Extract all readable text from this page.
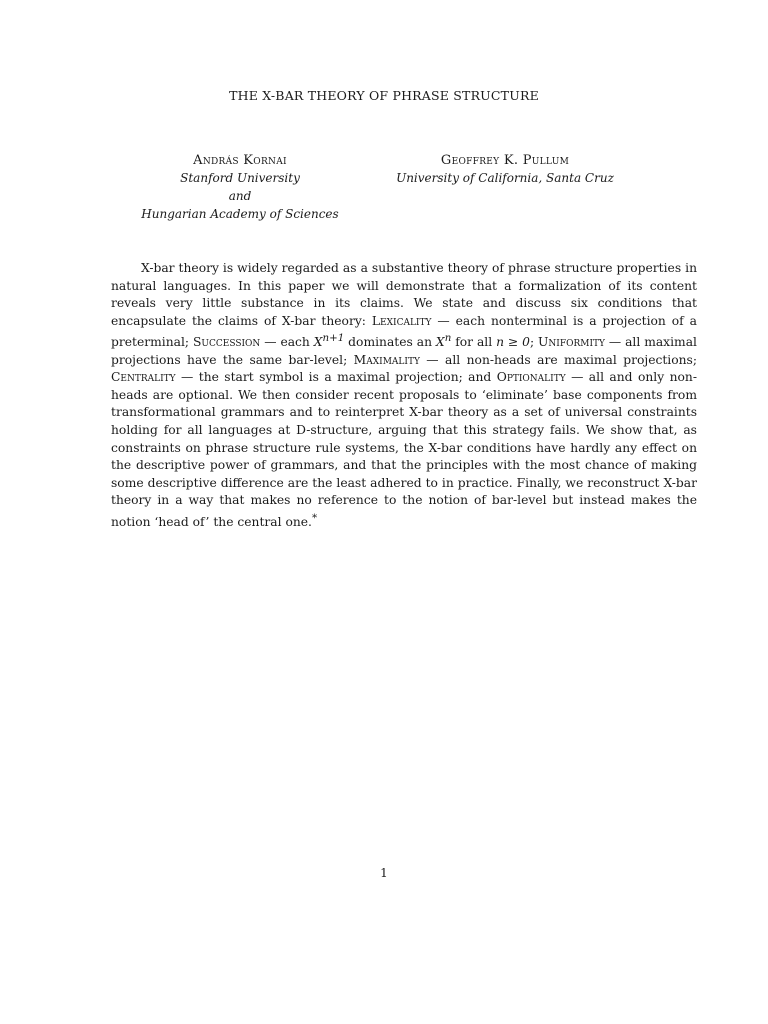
THE X-BAR THEORY OF PHRASE STRUCTURE
András Kornai
Stanford University
and
Hungarian Academy of Sciences
Geoffrey K. Pullum
University of California, Santa Cruz

X-bar theory is widely regarded as a substantive theory of phrase structure properties in natural languages. In this paper we will demonstrate that a formalization of its content reveals very little substance in its claims. We state and discuss six conditions that encapsulate the claims of X-bar theory: Lexicality — each nonterminal is a projection of a preterminal; Succession — each $X^{n+1}$ dominates an $X^n$ for all n ≥ 0; Uniformity — all maximal projections have the same bar-level; Maximality — all non-heads are maximal projections; Centrality — the start symbol is a maximal projection; and Optionality — all and only non-heads are optional. We then consider recent proposals to ‘eliminate’ base components from transformational grammars and to reinterpret X-bar theory as a set of universal constraints holding for all languages at D-structure, arguing that this strategy fails. We show that, as constraints on phrase structure rule systems, the X-bar conditions have hardly any effect on the descriptive power of grammars, and that the principles with the most chance of making some descriptive difference are the least adhered to in practice. Finally, we reconstruct X-bar theory in a way that makes no reference to the notion of bar-level but instead makes the notion ‘head of’ the central one.*

1
